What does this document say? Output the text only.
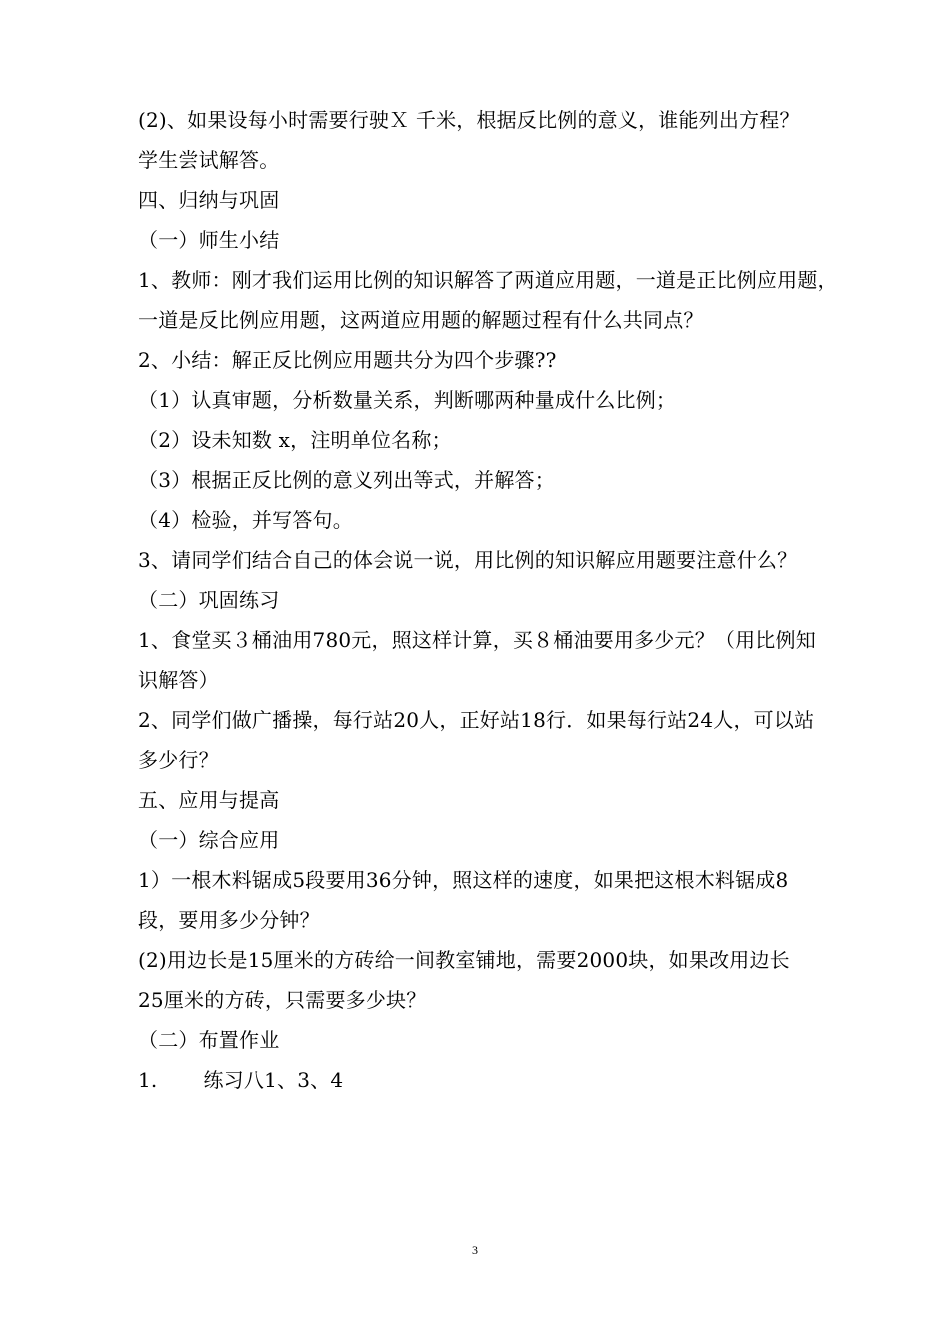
(2)、如果设每小时需要行驶Ｘ 千米，根据反比例的意义，谁能列出方程？
学生尝试解答。
四、归纳与巩固
（一）师生小结
1、教师：刚才我们运用比例的知识解答了两道应用题，一道是正比例应用题，
一道是反比例应用题，这两道应用题的解题过程有什么共同点？
2、小结：解正反比例应用题共分为四个步骤??
（1）认真审题，分析数量关系，判断哪两种量成什么比例；
（2）设未知数 x，注明单位名称；
（3）根据正反比例的意义列出等式，并解答；
（4）检验，并写答句。
3、请同学们结合自己的体会说一说，用比例的知识解应用题要注意什么？
（二）巩固练习
1、食堂买３桶油用780元，照这样计算，买８桶油要用多少元？（用比例知
识解答）
2、同学们做广播操，每行站20人，正好站18行．如果每行站24人，可以站
多少行？
五、应用与提高
（一）综合应用
1）一根木料锯成5段要用36分钟，照这样的速度，如果把这根木料锯成8
段，要用多少分钟？
(2)用边长是15厘米的方砖给一间教室铺地，需要2000块，如果改用边长
25厘米的方砖，只需要多少块？
（二）布置作业
1. 练习八1、3、4
3
